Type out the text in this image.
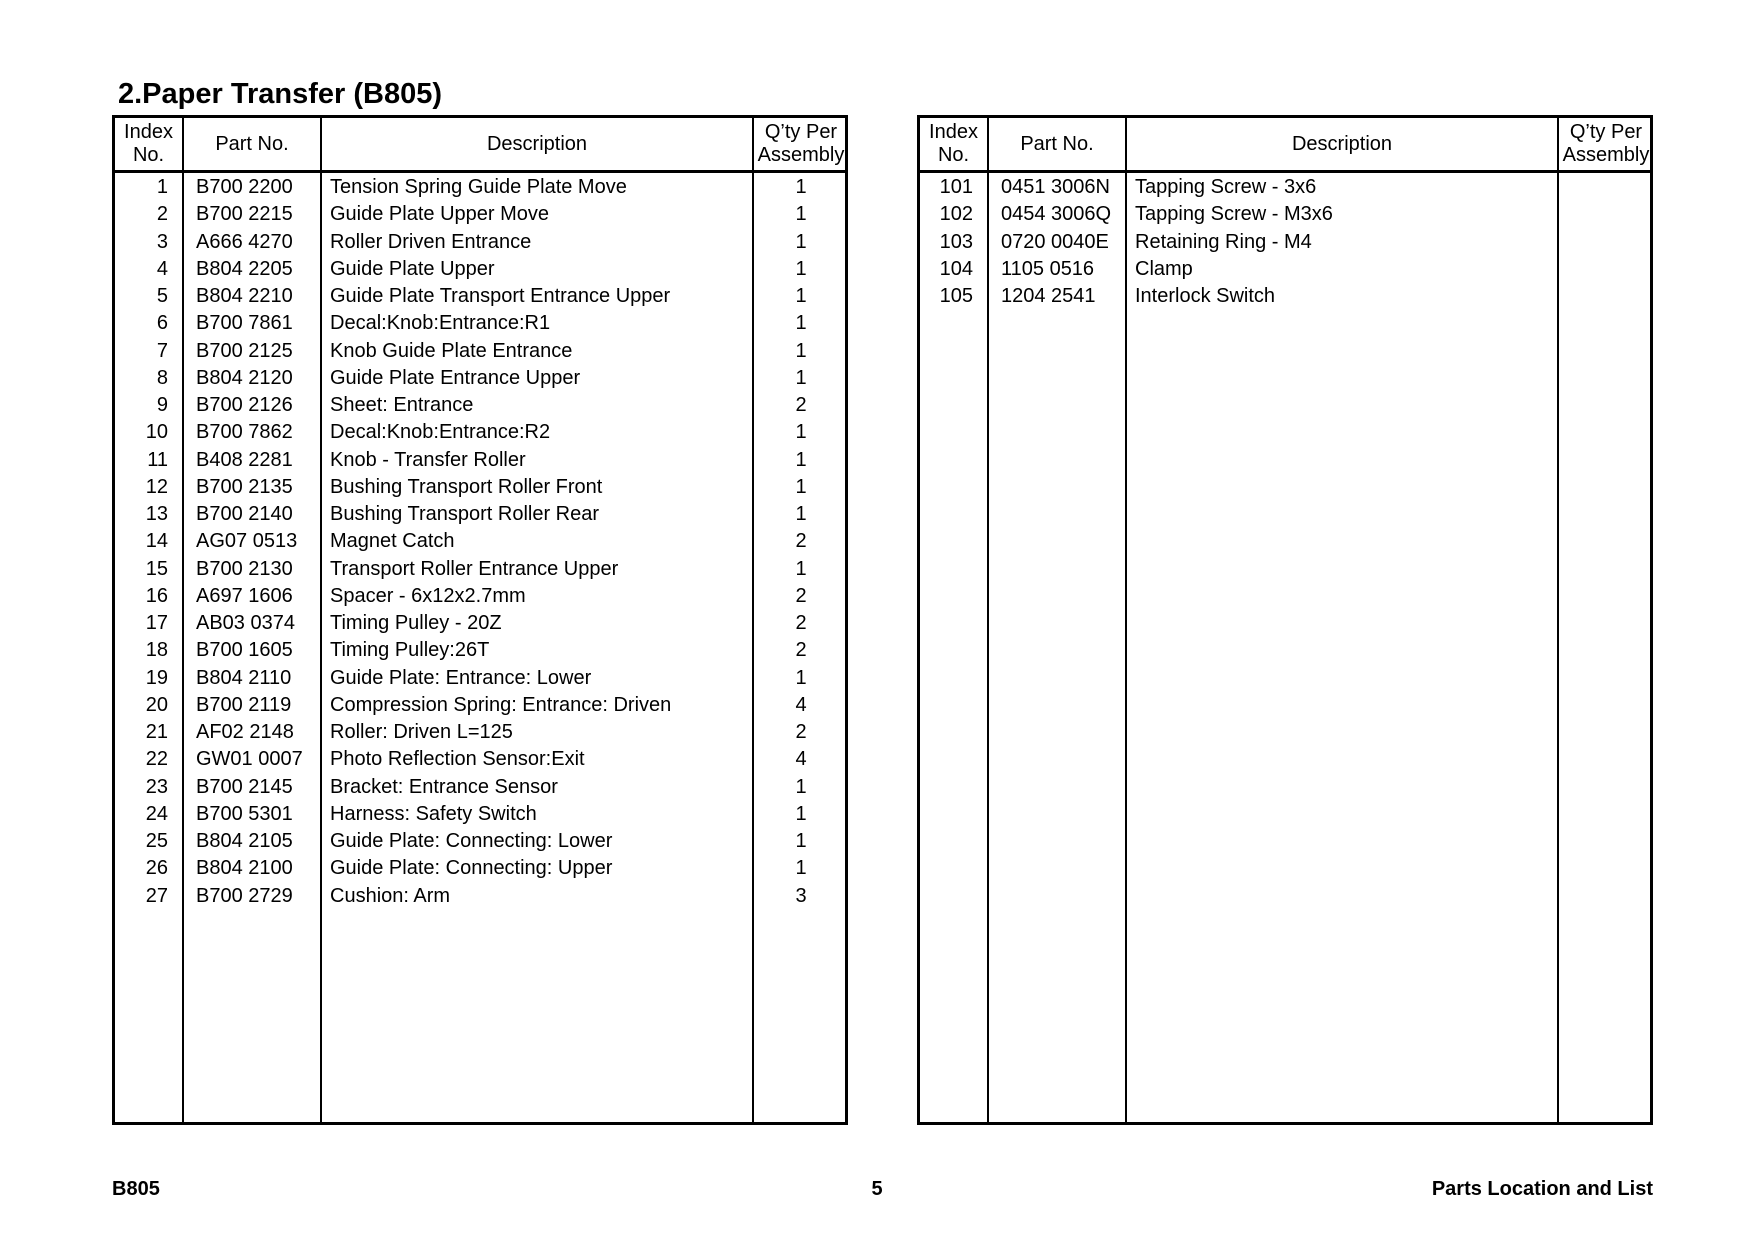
2.Paper Transfer (B805)
Index
No.
Part No.	Description
Q’ty Per
Assembly
1 B700 2200 Tension Spring Guide Plate Move	1
2 B700 2215 Guide Plate Upper Move	1
3 A666 4270 Roller Driven Entrance	1
4 B804 2205 Guide Plate Upper	1
5 B804 2210 Guide Plate Transport Entrance Upper	1
6 B700 7861 Decal:Knob:Entrance:R1	1
7 B700 2125 Knob Guide Plate Entrance	1
8 B804 2120 Guide Plate Entrance Upper	1
9 B700 2126 Sheet: Entrance	2
10 B700 7862 Decal:Knob:Entrance:R2	1
11 B408 2281 Knob - Transfer Roller	1
12 B700 2135 Bushing Transport Roller Front	1
13 B700 2140 Bushing Transport Roller Rear	1
14 AG07 0513 Magnet Catch	2
15 B700 2130 Transport Roller Entrance Upper	1
16 A697 1606 Spacer - 6x12x2.7mm	2
17 AB03 0374 Timing Pulley - 20Z	2
18 B700 1605 Timing Pulley:26T	2
19 B804 2110 Guide Plate: Entrance: Lower	1
20 B700 2119 Compression Spring: Entrance: Driven	4
21 AF02 2148 Roller: Driven L=125	2
22 GW01 0007 Photo Reflection Sensor:Exit	4
23 B700 2145 Bracket: Entrance Sensor	1
24 B700 5301 Harness: Safety Switch	1
25 B804 2105 Guide Plate: Connecting: Lower	1
26 B804 2100 Guide Plate: Connecting: Upper	1
27 B700 2729 Cushion: Arm	3
Index
No.
Part No.	Description
Q’ty Per
Assembly
101 0451 3006N Tapping Screw - 3x6
102 0454 3006Q Tapping Screw - M3x6
103 0720 0040E Retaining Ring - M4
104 1105 0516 Clamp
105 1204 2541 Interlock Switch
B805	5	Parts Location and List
